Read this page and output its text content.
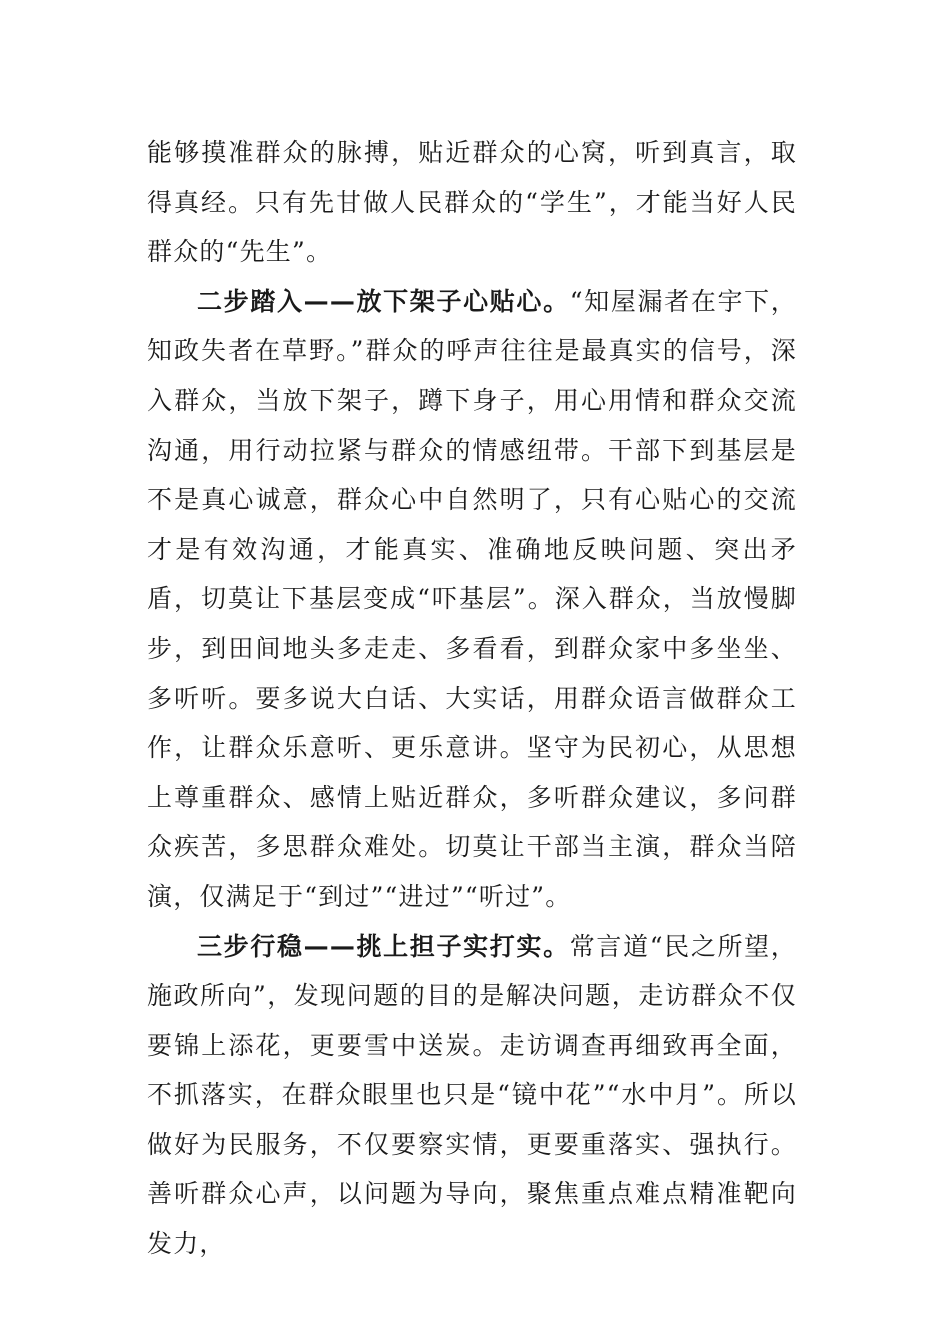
能够摸准群众的脉搏，贴近群众的心窝，听到真言，取得真经。只有先甘做人民群众的“学生”，才能当好人民群众的“先生”。

二步踏入——放下架子心贴心。“知屋漏者在宇下，知政失者在草野。”群众的呼声往往是最真实的信号，深入群众，当放下架子，蹲下身子，用心用情和群众交流沟通，用行动拉紧与群众的情感纽带。干部下到基层是不是真心诚意，群众心中自然明了，只有心贴心的交流才是有效沟通，才能真实、准确地反映问题、突出矛盾，切莫让下基层变成“吓基层”。深入群众，当放慢脚步，到田间地头多走走、多看看，到群众家中多坐坐、多听听。要多说大白话、大实话，用群众语言做群众工作，让群众乐意听、更乐意讲。坚守为民初心，从思想上尊重群众、感情上贴近群众，多听群众建议，多问群众疾苦，多思群众难处。切莫让干部当主演，群众当陪演，仅满足于“到过”“进过”“听过”。

三步行稳——挑上担子实打实。常言道“民之所望，施政所向”，发现问题的目的是解决问题，走访群众不仅要锦上添花，更要雪中送炭。走访调查再细致再全面，不抓落实，在群众眼里也只是“镜中花”“水中月”。所以做好为民服务，不仅要察实情，更要重落实、强执行。善听群众心声，以问题为导向，聚焦重点难点精准靶向发力，
